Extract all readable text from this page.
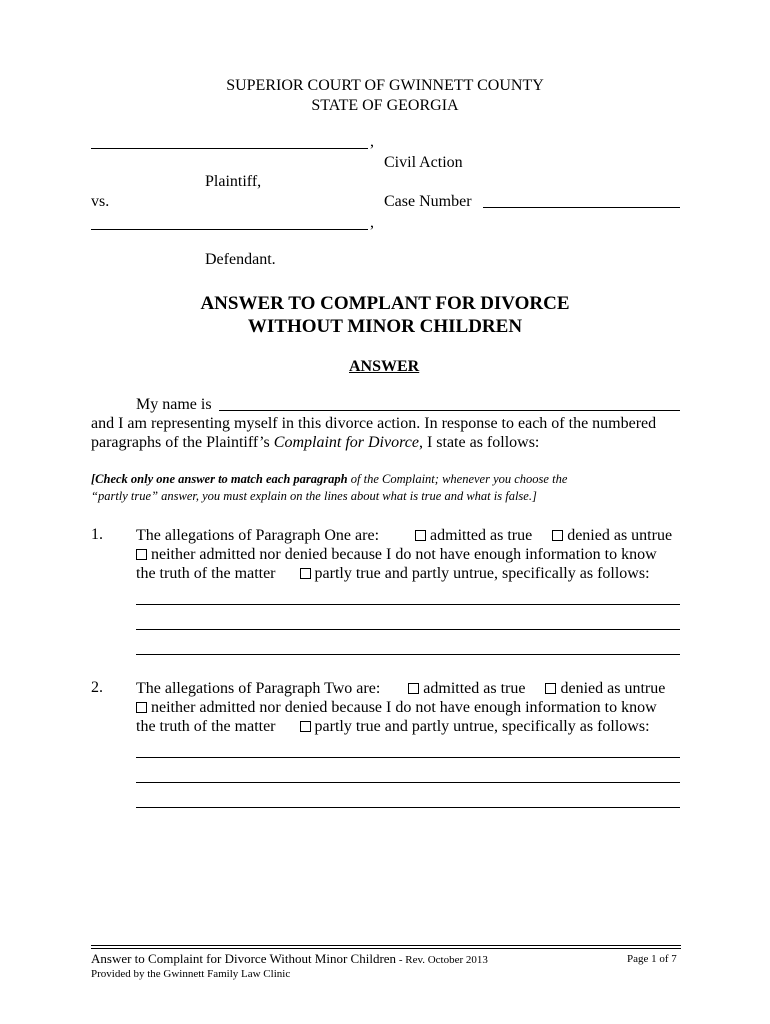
SUPERIOR COURT OF GWINNETT COUNTY
STATE OF GEORGIA
,
Civil Action
Plaintiff,
vs.	Case Number
,
Defendant.
ANSWER TO COMPLANT FOR DIVORCE
WITHOUT MINOR CHILDREN
ANSWER
My name is
and I am representing myself in this divorce action. In response to each of the numbered
paragraphs of the Plaintiff’s Complaint for Divorce, I state as follows:
[Check only one answer to match each paragraph of the Complaint; whenever you choose the
“partly true” answer, you must explain on the lines about what is true and what is false.]
1. The allegations of Paragraph One are:	admitted as true denied as untrue
neither admitted nor denied because I do not have enough information to know
the truth of the matter partly true and partly untrue, specifically as follows:
2. The allegations of Paragraph Two are:	admitted as true denied as untrue
neither admitted nor denied because I do not have enough information to know
the truth of the matter partly true and partly untrue, specifically as follows:
Answer to Complaint for Divorce Without Minor Children - Rev. October 2013	Page 1 of 7
Provided by the Gwinnett Family Law Clinic
